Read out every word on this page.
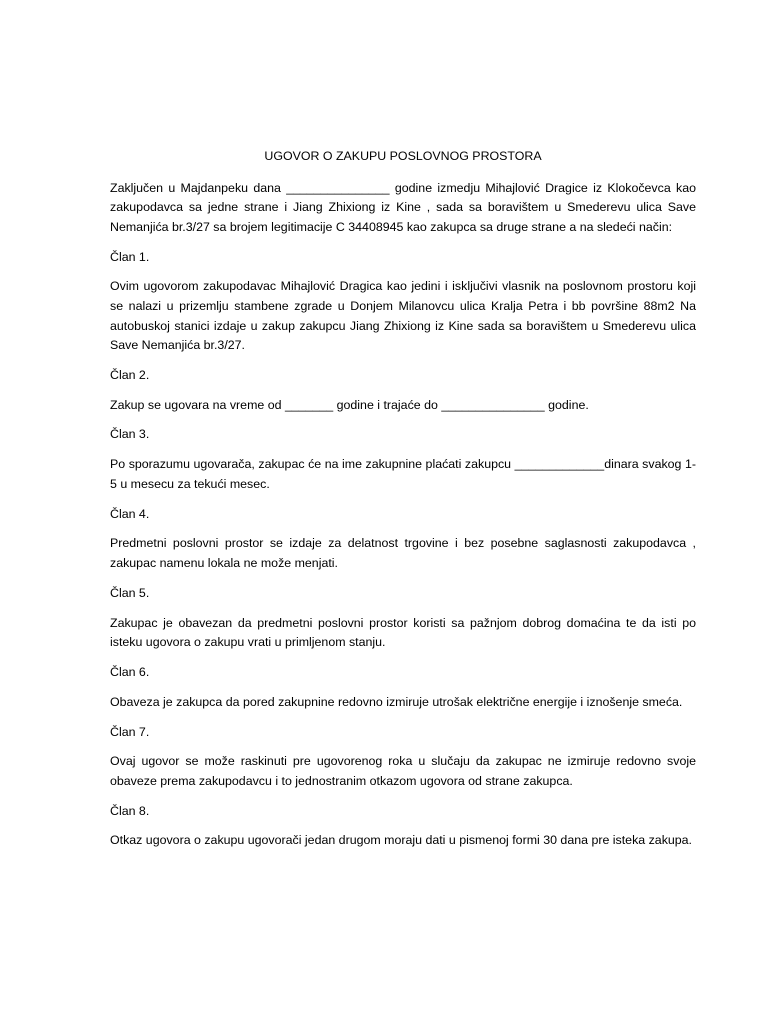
UGOVOR O ZAKUPU POSLOVNOG PROSTORA
Zaključen u Majdanpeku dana _______________ godine izmedju Mihajlović Dragice iz Klokočevca kao zakupodavca sa jedne strane i Jiang Zhixiong iz Kine , sada sa boravištem u Smederevu ulica Save Nemanjića br.3/27 sa brojem legitimacije C 34408945 kao zakupca sa druge strane a na sledeći način:
Član 1.
Ovim ugovorom zakupodavac Mihajlović Dragica kao jedini i isključivi vlasnik na poslovnom prostoru koji se nalazi u prizemlju stambene zgrade u Donjem Milanovcu ulica Kralja Petra i bb površine 88m2 Na autobuskoj stanici izdaje u zakup zakupcu Jiang Zhixiong iz Kine sada sa boravištem u Smederevu ulica Save Nemanjića br.3/27.
Član 2.
Zakup se ugovara na vreme od _______ godine i trajaće do _______________ godine.
Član 3.
Po sporazumu ugovarača, zakupac će na ime zakupnine plaćati zakupcu _____________dinara svakog 1-5 u mesecu za tekući mesec.
Član 4.
Predmetni poslovni prostor se izdaje za delatnost trgovine i bez posebne saglasnosti zakupodavca , zakupac namenu lokala ne može menjati.
Član 5.
Zakupac je obavezan da predmetni poslovni prostor koristi sa pažnjom dobrog domaćina te da isti po isteku ugovora o zakupu vrati u primljenom stanju.
Član 6.
Obaveza je zakupca da pored zakupnine redovno izmiruje utrošak električne energije i iznošenje smeća.
Član 7.
Ovaj ugovor se može raskinuti pre ugovorenog roka u slučaju da zakupac ne izmiruje redovno svoje obaveze prema zakupodavcu i to jednostranim otkazom ugovora od strane zakupca.
Član 8.
Otkaz ugovora o zakupu ugovorači jedan drugom moraju dati u pismenoj formi 30 dana pre isteka zakupa.
